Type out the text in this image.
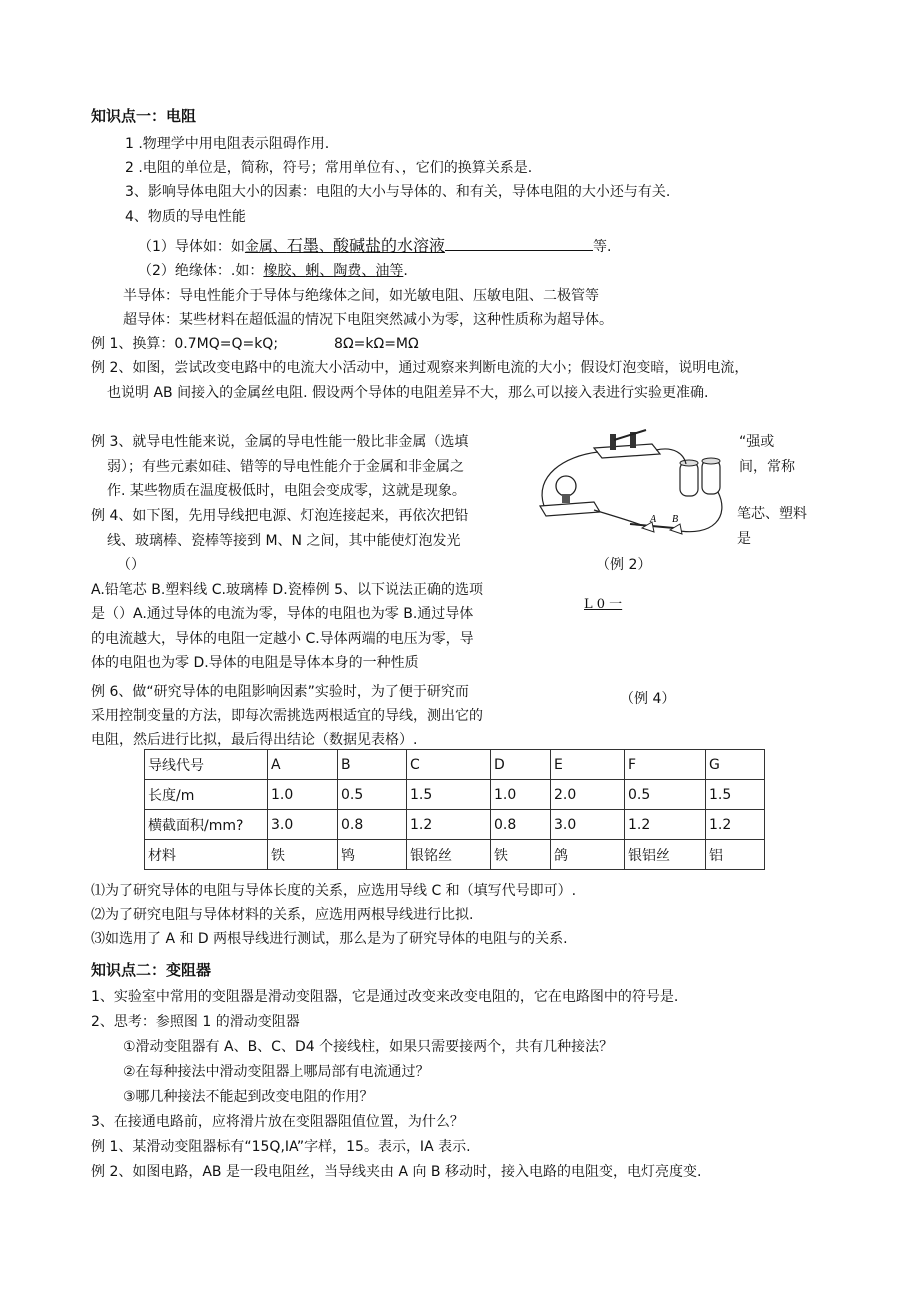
知识点一：电阻
1 .物理学中用电阻表示阻碍作用.
2 .电阻的单位是，简称，符号；常用单位有、，它们的换算关系是.
3、影响导体电阻大小的因素：电阻的大小与导体的、和有关，导体电阻的大小还与有关.
4、物质的导电性能
（1）导体如：如金属、石墨、酸碱盐的水溶液	等.
（2）绝缘体：.如：橡胶、蜊、陶费、油等.
半导体：导电性能介于导体与绝缘体之间，如光敏电阻、压敏电阻、二极管等
超导体：某些材料在超低温的情况下电阻突然减小为零，这种性质称为超导体。
例 1、换算：0.7MQ=Q=kQ;	8Ω=kΩ=MΩ
例 2、如图，尝试改变电路中的电流大小活动中，通过观察来判断电流的大小；假设灯泡变暗，说明电流，
也说明 AB 间接入的金属丝电阻. 假设两个导体的电阻差异不大，那么可以接入表进行实验更准确.
例 3、就导电性能来说，金属的导电性能一般比非金属（选填
弱）；有些元素如硅、错等的导电性能介于金属和非金属之
作. 某些物质在温度极低时，电阻会变成零，这就是现象。
例 4、如下图，先用导线把电源、灯泡连接起来，再依次把铅
线、玻璃棒、瓷棒等接到 M、N 之间，其中能使灯泡发光
（）
A.铅笔芯 B.塑料线 C.玻璃棒 D.瓷棒例 5、以下说法正确的选项
是（）A.通过导体的电流为零，导体的电阻也为零 B.通过导体
的电流越大，导体的电阻一定越小 C.导体两端的电压为零，导
体的电阻也为零 D.导体的电阻是导体本身的一种性质
例 6、做“研究导体的电阻影响因素”实验时，为了便于研究而
采用控制变量的方法，即每次需挑选两根适宜的导线，测出它的
电阻，然后进行比拟，最后得出结论（数据见表格）.
“强或
间，常称
笔芯、塑料
是
（例 2）
L 0 一
（例 4）
A B
导线代号	A	B	C	D	E	F	G
长度/m	1.0	0.5	1.5	1.0	2.0	0.5	1.5
横截面积/mm?	3.0	0.8	1.2	0.8	3.0	1.2	1.2
材料	铁	鸨	银铭丝	铁	鸽	银铝丝	铝
⑴为了研究导体的电阻与导体长度的关系，应选用导线 C 和（填写代号即可）.
⑵为了研究电阻与导体材料的关系，应选用两根导线进行比拟.
⑶如选用了 A 和 D 两根导线进行测试，那么是为了研究导体的电阻与的关系.
知识点二：变阻器
1、实验室中常用的变阻器是滑动变阻器，它是通过改变来改变电阻的，它在电路图中的符号是.
2、思考：参照图 1 的滑动变阻器
①滑动变阻器有 A、B、C、D4 个接线柱，如果只需要接两个，共有几种接法？
②在每种接法中滑动变阻器上哪局部有电流通过？
③哪几种接法不能起到改变电阻的作用？
3、在接通电路前，应将滑片放在变阻器阻值位置，为什么？
例 1、某滑动变阻器标有“15Q,IA”字样，15。表示，IA 表示.
例 2、如图电路，AB 是一段电阻丝，当导线夹由 A 向 B 移动时，接入电路的电阻变，电灯亮度变.
